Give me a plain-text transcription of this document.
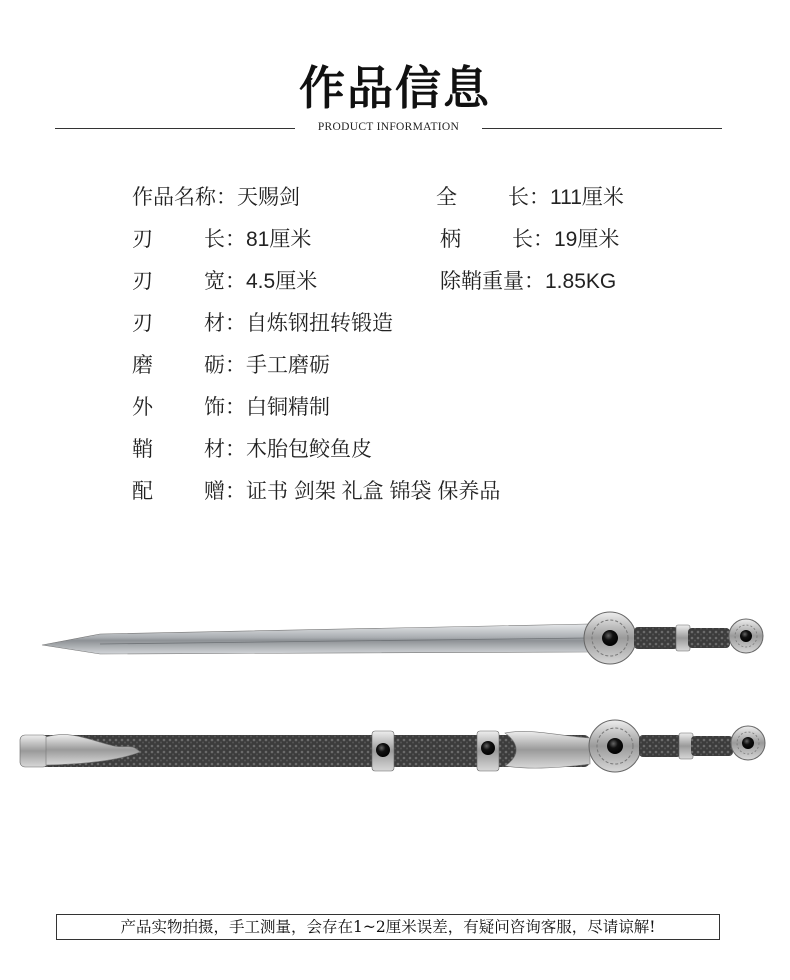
作品信息
PRODUCT INFORMATION
作品名称：天赐剑
刃 长：81厘米
刃 宽：4.5厘米
刃 材：自炼钢扭转锻造
磨 砺：手工磨砺
外 饰：白铜精制
鞘 材：木胎包鲛鱼皮
配 赠：证书 剑架 礼盒 锦袋 保养品
全 长：111厘米
柄 长：19厘米
除鞘重量：1.85KG
产品实物拍摄，手工测量，会存在1~2厘米误差，有疑问咨询客服，尽请谅解!
